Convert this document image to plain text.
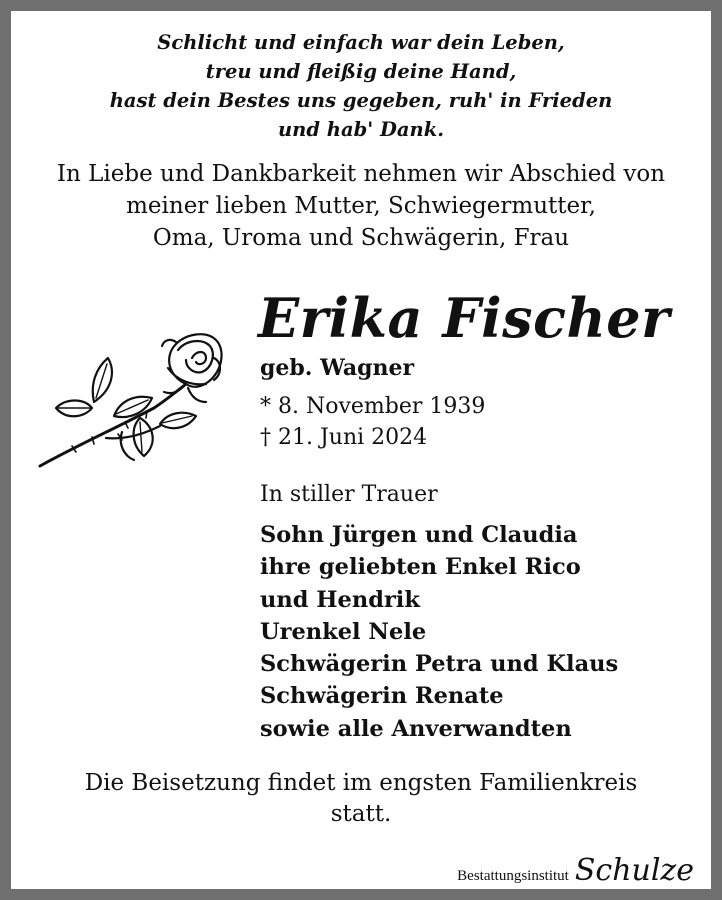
Schlicht und einfach war dein Leben,
treu und fleißig deine Hand,
hast dein Bestes uns gegeben, ruh' in Frieden
und hab' Dank.
In Liebe und Dankbarkeit nehmen wir Abschied von
meiner lieben Mutter, Schwiegermutter,
Oma, Uroma und Schwägerin, Frau
Erika Fischer
geb. Wagner
* 8. November 1939
† 21. Juni 2024
In stiller Trauer
Sohn Jürgen und Claudia
ihre geliebten Enkel Rico
und Hendrik
Urenkel Nele
Schwägerin Petra und Klaus
Schwägerin Renate
sowie alle Anverwandten
Die Beisetzung findet im engsten Familienkreis
statt.
Bestattungsinstitut Schulze
